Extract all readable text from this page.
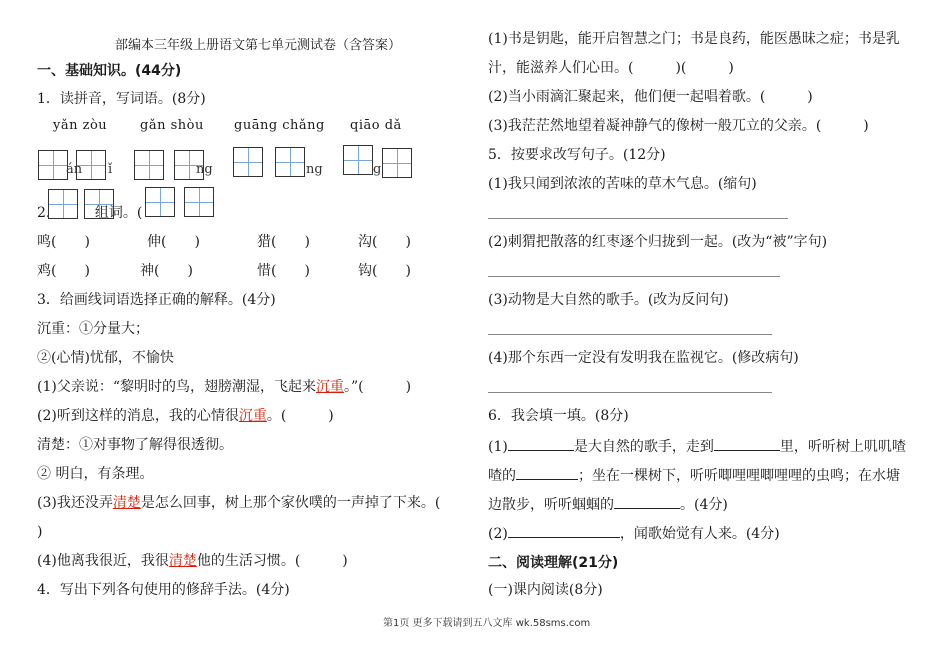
部编本三年级上册语文第七单元测试卷（含答案）
一、基础知识。(44分)
1．读拼音，写词语。(8分)
yǎn zòu	gǎn shòu guāng chǎng qiāo dǎ
án ǐ	ng
ng	g
2．　　　组词。(
鸣(　　)	伸(　　)	猎(　　)	沟(　　)
鸡(　　)	神(　　)	惜(　　)	钩(　　)
3．给画线词语选择正确的解释。(4分)
沉重：①分量大；
②(心情)忧郁，不愉快
(1)父亲说：“黎明时的鸟，翅膀潮湿，飞起来沉重。”(　　　)
(2)听到这样的消息，我的心情很沉重。(　　　)
清楚：①对事物了解得很透彻。
② 明白，有条理。
(3)我还没弄清楚是怎么回事，树上那个家伙噗的一声掉了下来。(
)
(4)他离我很近，我很清楚他的生活习惯。(　　　)
4．写出下列各句使用的修辞手法。(4分)
(1)书是钥匙，能开启智慧之门；书是良药，能医愚昧之症；书是乳
汁，能滋养人们心田。(　　　)(　　　)
(2)当小雨滴汇聚起来，他们便一起唱着歌。(　　　)
(3)我茫茫然地望着凝神静气的像树一般兀立的父亲。(　　　)
5．按要求改写句子。(12分)
(1)我只闻到浓浓的苦味的草木气息。(缩句)
(2)刺猬把散落的红枣逐个归拢到一起。(改为“被”字句)
(3)动物是大自然的歌手。(改为反问句)
(4)那个东西一定没有发明我在监视它。(修改病句)
6．我会填一填。(8分)
(1)	是大自然的歌手，走到	里，听听树上叽叽喳
喳的	；坐在一棵树下，听听唧哩哩唧哩哩的虫鸣；在水塘
边散步，听听蝈蝈的	。(4分)
(2)	，闻歌始觉有人来。(4分)
二、阅读理解(21分)
(一)课内阅读(8分)
第1页 更多下载请到五八文库 wk.58sms.com
